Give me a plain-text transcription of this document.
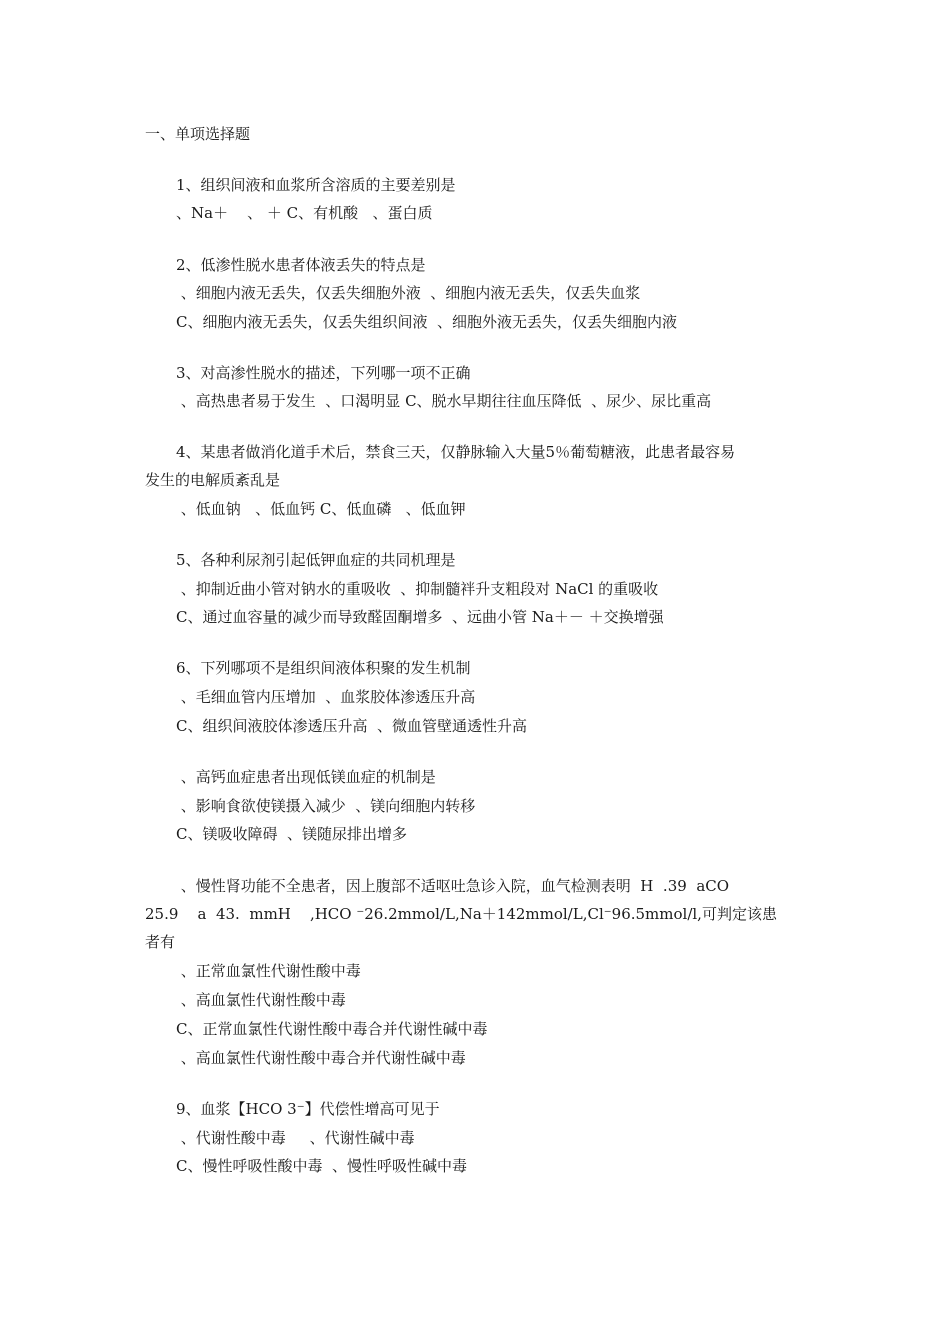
一、单项选择题

1、组织间液和血浆所含溶质的主要差别是

、Na＋    、 ＋ C、有机酸   、蛋白质

2、低渗性脱水患者体液丢失的特点是

、细胞内液无丢失，仅丢失细胞外液  、细胞内液无丢失，仅丢失血浆

C、细胞内液无丢失，仅丢失组织间液  、细胞外液无丢失，仅丢失细胞内液

3、对高渗性脱水的描述，下列哪一项不正确

、高热患者易于发生  、口渴明显 C、脱水早期往往血压降低  、尿少、尿比重高

4、某患者做消化道手术后，禁食三天，仅静脉输入大量5％葡萄糖液，此患者最容易

发生的电解质紊乱是

、低血钠   、低血钙 C、低血磷   、低血钾

5、各种利尿剂引起低钾血症的共同机理是

、抑制近曲小管对钠水的重吸收  、抑制髓袢升支粗段对 NaCl 的重吸收

C、通过血容量的减少而导致醛固酮增多  、远曲小管 Na＋－ ＋交换增强

6、下列哪项不是组织间液体积聚的发生机制

、毛细血管内压增加  、血浆胶体渗透压升高

C、组织间液胶体渗透压升高  、微血管壁通透性升高

、高钙血症患者出现低镁血症的机制是

、影响食欲使镁摄入减少  、镁向细胞内转移

C、镁吸收障碍  、镁随尿排出增多

、慢性肾功能不全患者，因上腹部不适呕吐急诊入院，血气检测表明  H  .39  aCO

25.9    a  43.  mmH    ,HCO ⁻26.2mmol/L,Na＋142mmol/L,Cl⁻96.5mmol/l,可判定该患

者有

、正常血氯性代谢性酸中毒

、高血氯性代谢性酸中毒

C、正常血氯性代谢性酸中毒合并代谢性碱中毒

、高血氯性代谢性酸中毒合并代谢性碱中毒

9、血浆【HCO 3⁻】代偿性增高可见于

、代谢性酸中毒     、代谢性碱中毒

C、慢性呼吸性酸中毒  、慢性呼吸性碱中毒
